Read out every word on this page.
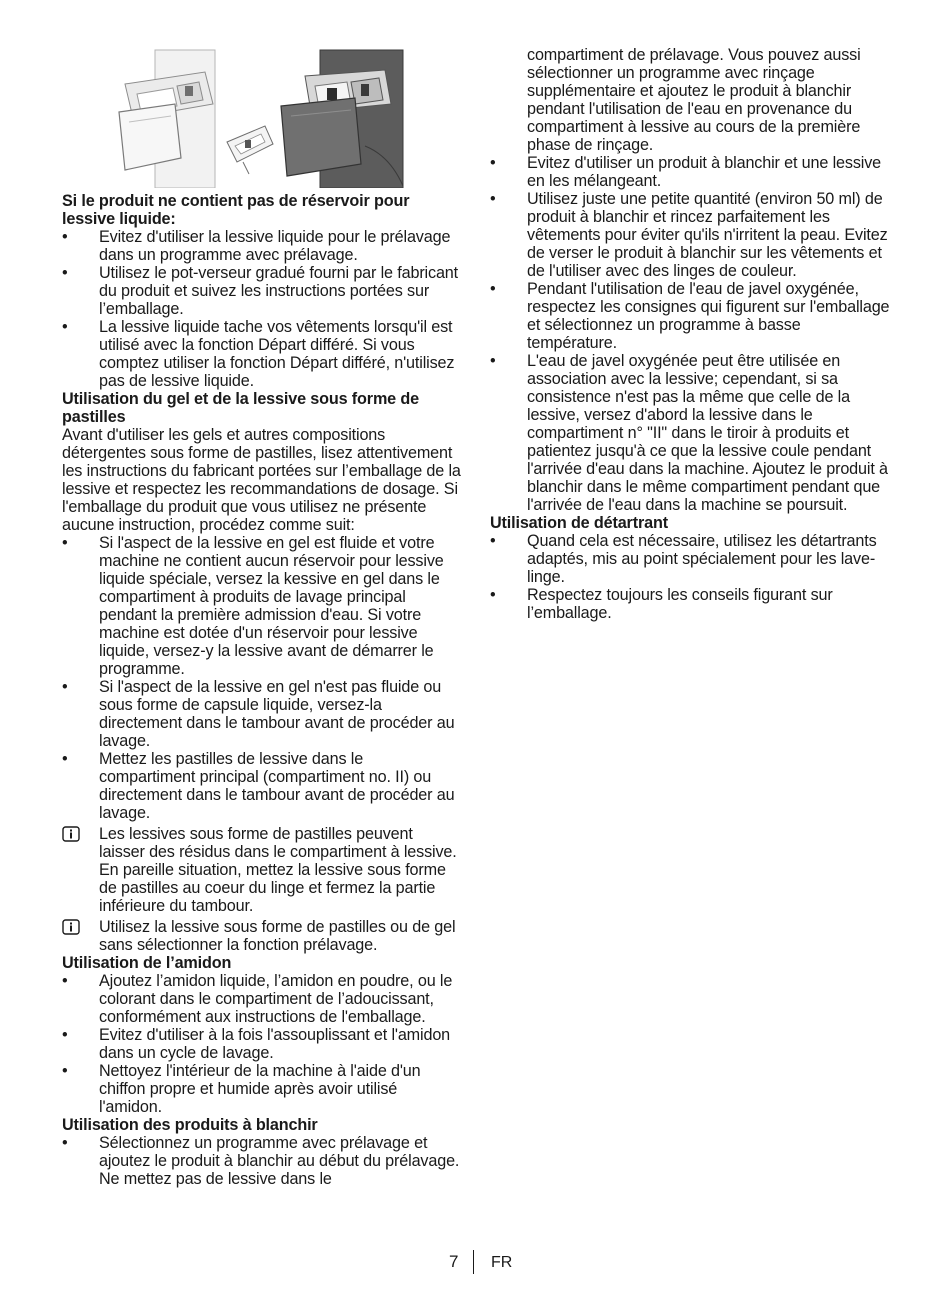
Si le produit ne contient pas de réservoir pour lessive liquide:
• Evitez d'utiliser la lessive liquide pour le prélavage dans un programme avec prélavage.
• Utilisez le pot-verseur gradué fourni par le fabricant du produit et suivez les instructions portées sur l’emballage.
• La lessive liquide tache vos vêtements lorsqu'il est utilisé avec la fonction Départ différé. Si vous comptez utiliser la fonction Départ différé, n'utilisez pas de lessive liquide.
Utilisation du gel et de la lessive sous forme de pastilles

Avant d'utiliser les gels et autres compositions détergentes sous forme de pastilles, lisez attentivement les instructions du fabricant portées sur l’emballage de la lessive et respectez les recommandations de dosage. Si l'emballage du produit que vous utilisez ne présente aucune instruction, procédez comme suit:

• Si l'aspect de la lessive en gel est fluide et votre machine ne contient aucun réservoir pour lessive liquide spéciale, versez la kessive en gel dans le compartiment à produits de lavage principal pendant la première admission d'eau. Si votre machine est dotée d'un réservoir pour lessive liquide, versez-y la lessive avant de démarrer le programme.
• Si l'aspect de la lessive en gel n'est pas fluide ou sous forme de capsule liquide, versez-la directement dans le tambour avant de procéder au lavage.
• Mettez les pastilles de lessive dans le compartiment principal (compartiment no. II) ou directement dans le tambour avant de procéder au lavage.

Les lessives sous forme de pastilles peuvent laisser des résidus dans le compartiment à lessive. En pareille situation, mettez la lessive sous forme de pastilles au coeur du linge et fermez la partie inférieure du tambour.

Utilisez la lessive sous forme de pastilles ou de gel sans sélectionner la fonction prélavage.

Utilisation de l’amidon
• Ajoutez l’amidon liquide, l’amidon en poudre, ou le colorant dans le compartiment de l’adoucissant, conformément aux instructions de l'emballage.
• Evitez d'utiliser à la fois l'assouplissant et l'amidon dans un cycle de lavage.
• Nettoyez l'intérieur de la machine à l'aide d'un chiffon propre et humide après avoir utilisé l'amidon.
Utilisation des produits à blanchir
• Sélectionnez un programme avec prélavage et ajoutez le produit à blanchir au début du prélavage. Ne mettez pas de lessive dans le

compartiment de prélavage. Vous pouvez aussi sélectionner un programme avec rinçage supplémentaire et ajoutez le produit à blanchir pendant l'utilisation de l'eau en provenance du compartiment à lessive au cours de la première phase de rinçage.

• Evitez d'utiliser un produit à blanchir et une lessive en les mélangeant.
• Utilisez juste une petite quantité (environ 50 ml) de produit à blanchir et rincez parfaitement les vêtements pour éviter qu'ils n'irritent la peau. Evitez de verser le produit à blanchir sur les vêtements et de l'utiliser avec des linges de couleur.
• Pendant l'utilisation de l'eau de javel oxygénée, respectez les consignes qui figurent sur l'emballage et sélectionnez un programme à basse température.
• L'eau de javel oxygénée peut être utilisée en association avec la lessive; cependant, si sa consistence n'est pas la même que celle de la lessive, versez d'abord la lessive dans le compartiment n° "II" dans le tiroir à produits et patientez jusqu'à ce que la lessive coule pendant l'arrivée d'eau dans la machine. Ajoutez le produit à blanchir dans le même compartiment pendant que l'arrivée de l'eau dans la machine se poursuit.
Utilisation de détartrant
• Quand cela est nécessaire, utilisez les détartrants adaptés, mis au point spécialement pour les lave-linge.
• Respectez toujours les conseils figurant sur l’emballage.
7 FR
